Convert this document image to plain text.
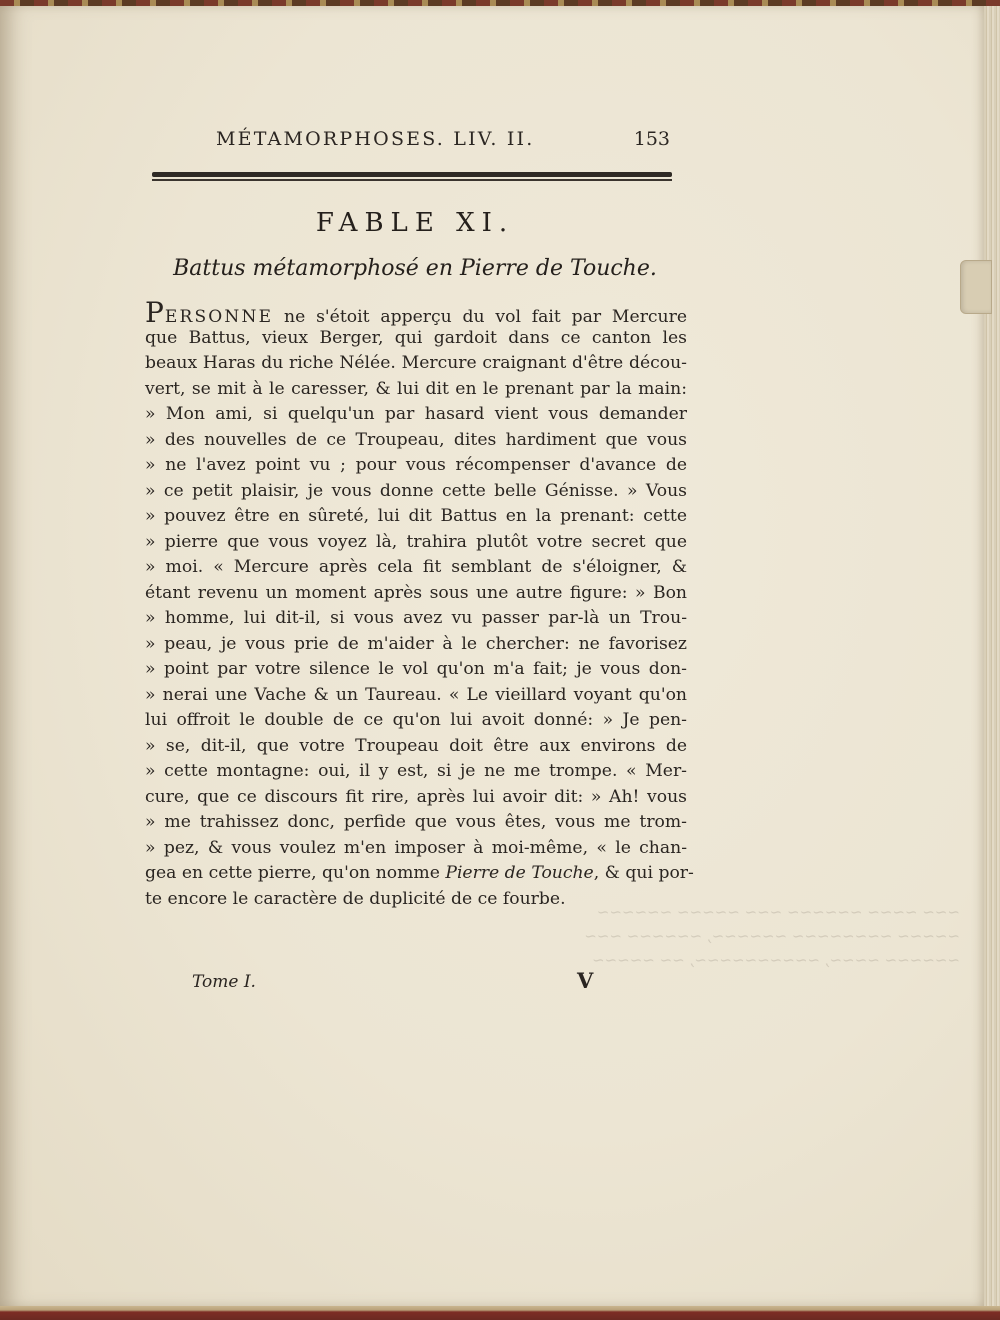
~~~ ~~~~ ~~~~~~ ~~~ ~~~~~ ~~~~~~
~~~~~ ~~~~~~~~ ~~~~~~, ~~~~~~ ~~~
~~~~~~ ~~~~, ~~~~~~~~~~, ~~ ~~~~~
MÉTAMORPHOSES. LIV. II.	153
FABLE XI.
Battus métamorphosé en Pierre de Touche.
PERSONNE ne s'étoit apperçu du vol fait par Mercure
que Battus, vieux Berger, qui gardoit dans ce canton les
beaux Haras du riche Nélée. Mercure craignant d'être décou-
vert, se mit à le caresser, & lui dit en le prenant par la main:
» Mon ami, si quelqu'un par hasard vient vous demander
» des nouvelles de ce Troupeau, dites hardiment que vous
» ne l'avez point vu ; pour vous récompenser d'avance de
» ce petit plaisir, je vous donne cette belle Génisse. » Vous
» pouvez être en sûreté, lui dit Battus en la prenant: cette
» pierre que vous voyez là, trahira plutôt votre secret que
» moi. « Mercure après cela fit semblant de s'éloigner, &
étant revenu un moment après sous une autre figure: » Bon
» homme, lui dit-il, si vous avez vu passer par-là un Trou-
» peau, je vous prie de m'aider à le chercher: ne favorisez
» point par votre silence le vol qu'on m'a fait; je vous don-
» nerai une Vache & un Taureau. « Le vieillard voyant qu'on
lui offroit le double de ce qu'on lui avoit donné: » Je pen-
» se, dit-il, que votre Troupeau doit être aux environs de
» cette montagne: oui, il y est, si je ne me trompe. « Mer-
cure, que ce discours fit rire, après lui avoir dit: » Ah! vous
» me trahissez donc, perfide que vous êtes, vous me trom-
» pez, & vous voulez m'en imposer à moi-même, « le chan-
gea en cette pierre, qu'on nomme Pierre de Touche, & qui por-
te encore le caractère de duplicité de ce fourbe.
Tome I.	V
